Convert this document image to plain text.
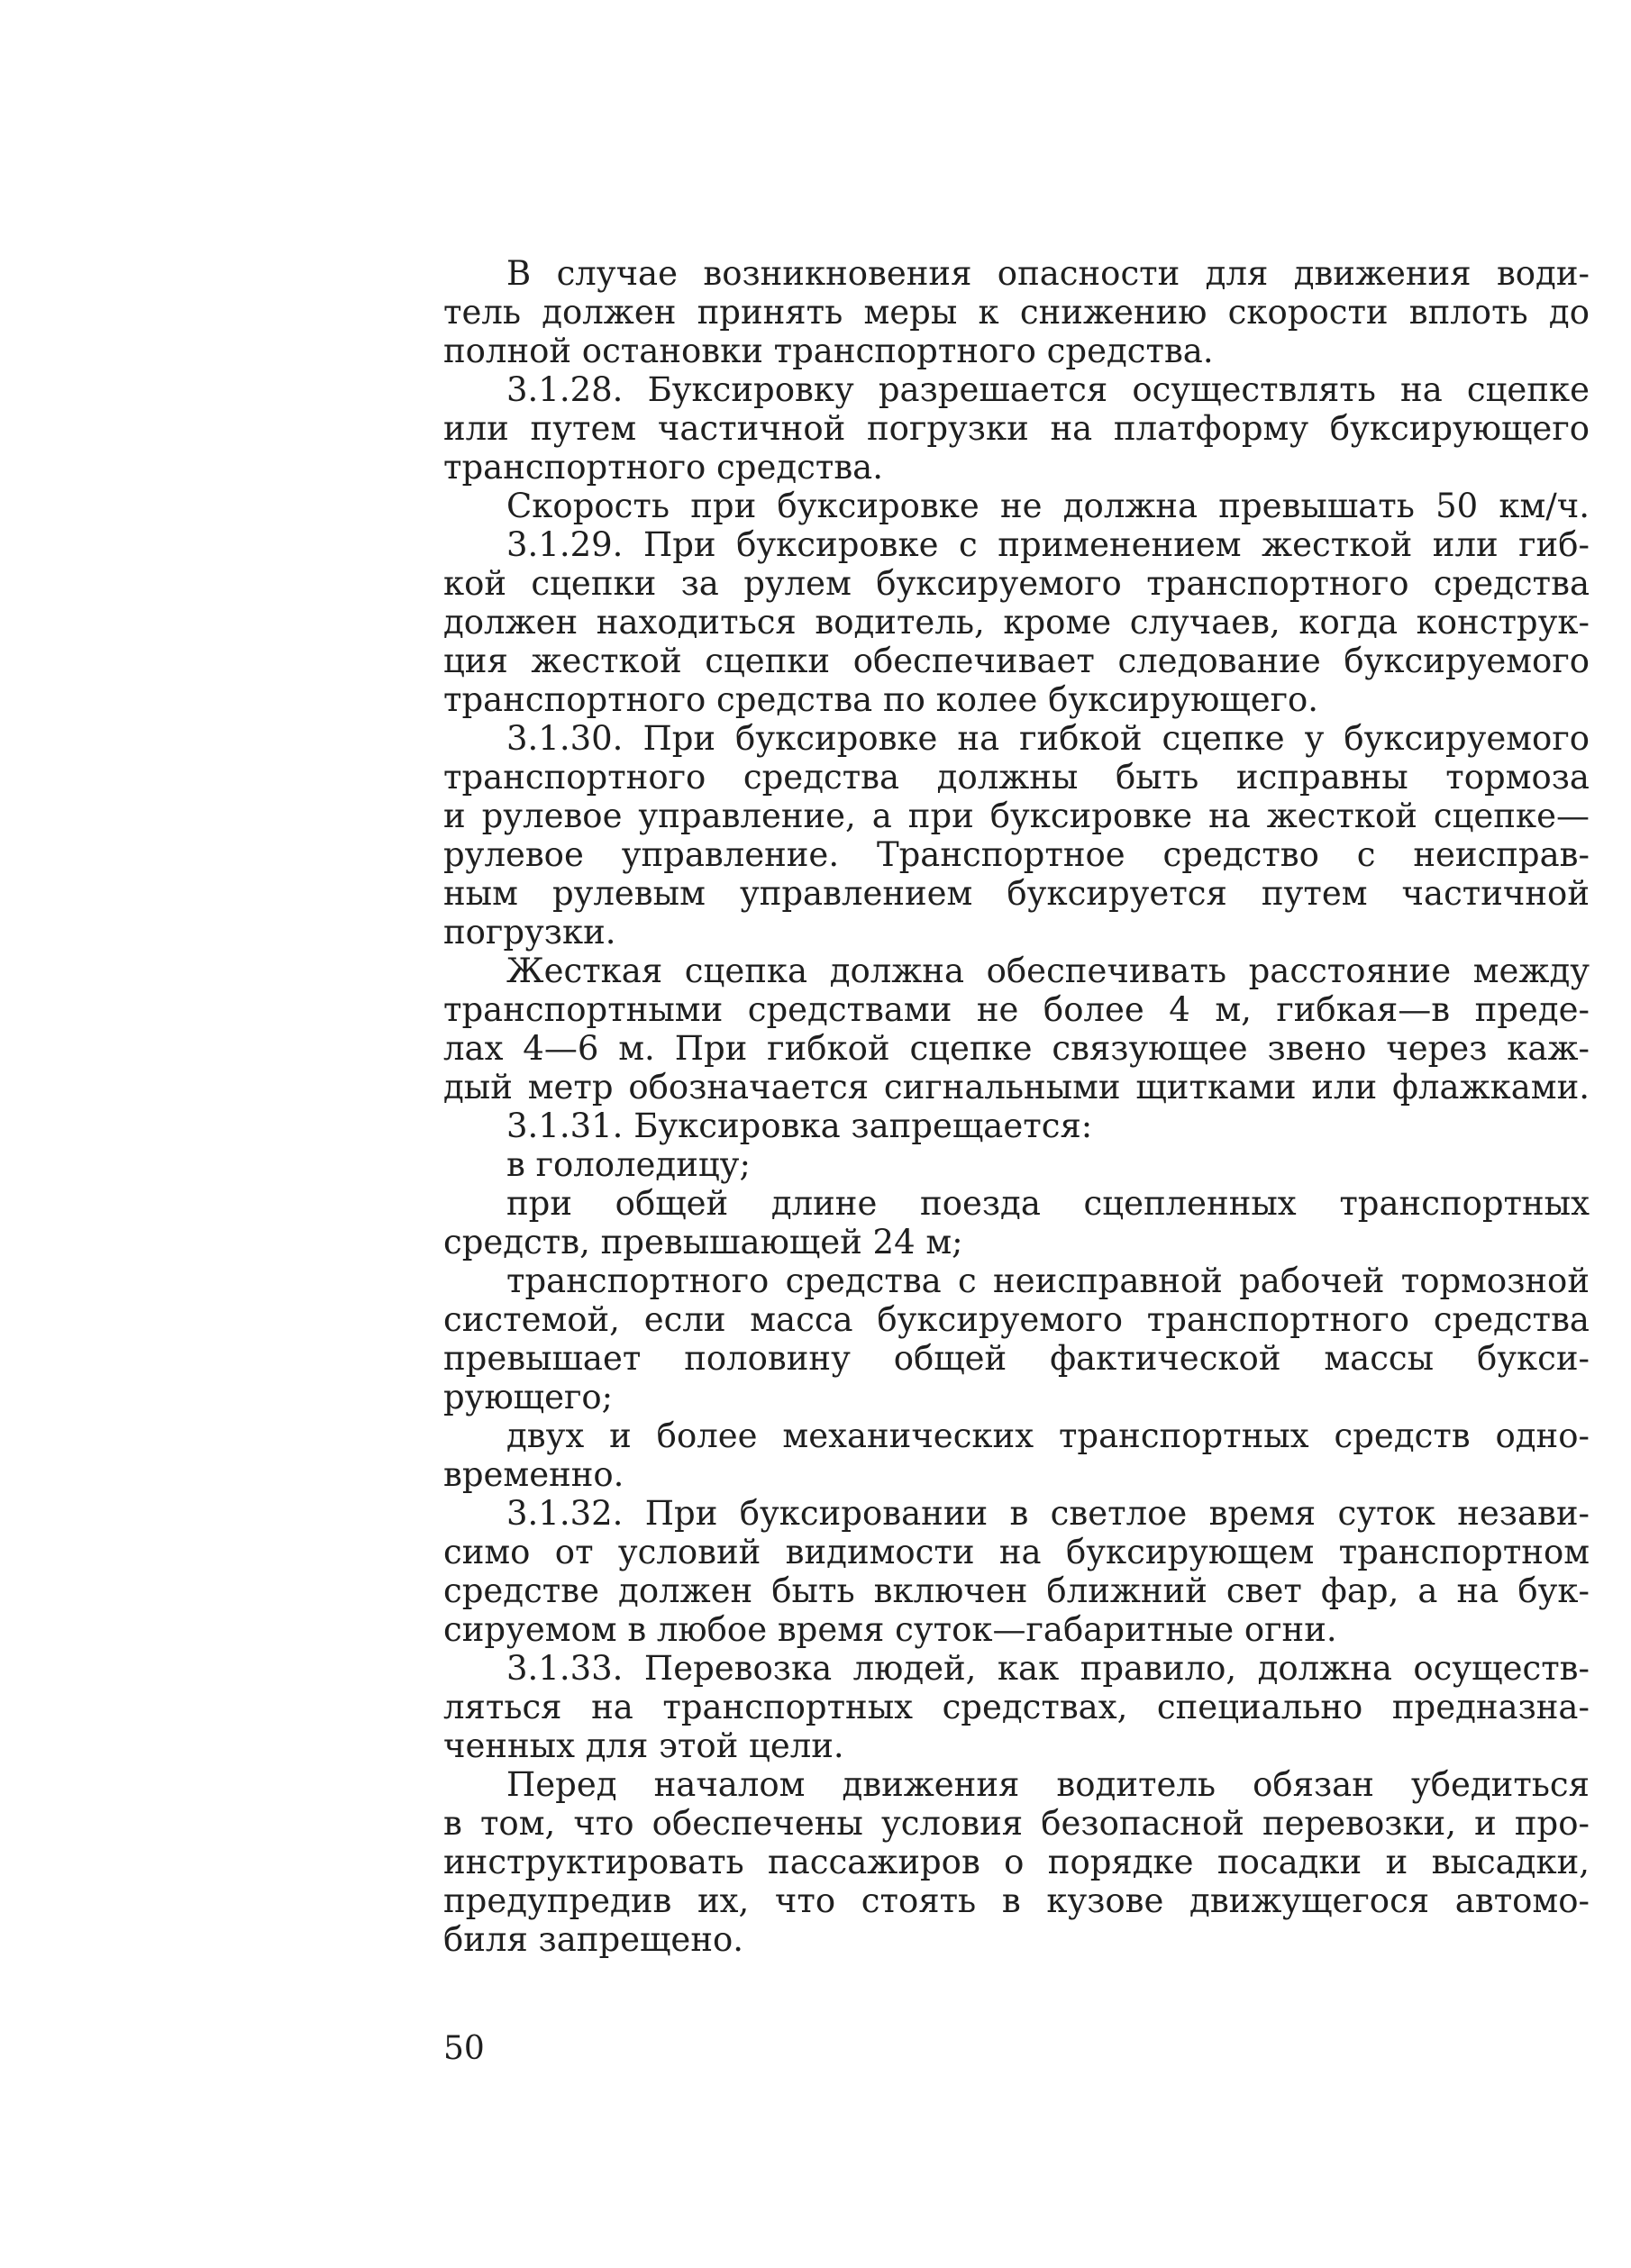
В случае возникновения опасности для движения води-
тель должен принять меры к снижению скорости вплоть до
полной остановки транспортного средства.
3.1.28. Буксировку разрешается осуществлять на сцепке
или путем частичной погрузки на платформу буксирующего
транспортного средства.
Скорость при буксировке не должна превышать 50 км/ч.
3.1.29. При буксировке с применением жесткой или гиб-
кой сцепки за рулем буксируемого транспортного средства
должен находиться водитель, кроме случаев, когда конструк-
ция жесткой сцепки обеспечивает следование буксируемого
транспортного средства по колее буксирующего.
3.1.30. При буксировке на гибкой сцепке у буксируемого
транспортного средства должны быть исправны тормоза
и рулевое управление, а при буксировке на жесткой сцепке—
рулевое управление. Транспортное средство с неисправ-
ным рулевым управлением буксируется путем частичной
погрузки.
Жесткая сцепка должна обеспечивать расстояние между
транспортными средствами не более 4 м, гибкая—в преде-
лах 4—6 м. При гибкой сцепке связующее звено через каж-
дый метр обозначается сигнальными щитками или флажками.
3.1.31. Буксировка запрещается:
в гололедицу;
при общей длине поезда сцепленных транспортных
средств, превышающей 24 м;
транспортного средства с неисправной рабочей тормозной
системой, если масса буксируемого транспортного средства
превышает половину общей фактической массы букси-
рующего;
двух и более механических транспортных средств одно-
временно.
3.1.32. При буксировании в светлое время суток незави-
симо от условий видимости на буксирующем транспортном
средстве должен быть включен ближний свет фар, а на бук-
сируемом в любое время суток—габаритные огни.
3.1.33. Перевозка людей, как правило, должна осуществ-
ляться на транспортных средствах, специально предназна-
ченных для этой цели.
Перед началом движения водитель обязан убедиться
в том, что обеспечены условия безопасной перевозки, и про-
инструктировать пассажиров о порядке посадки и высадки,
предупредив их, что стоять в кузове движущегося автомо-
биля запрещено.
50
